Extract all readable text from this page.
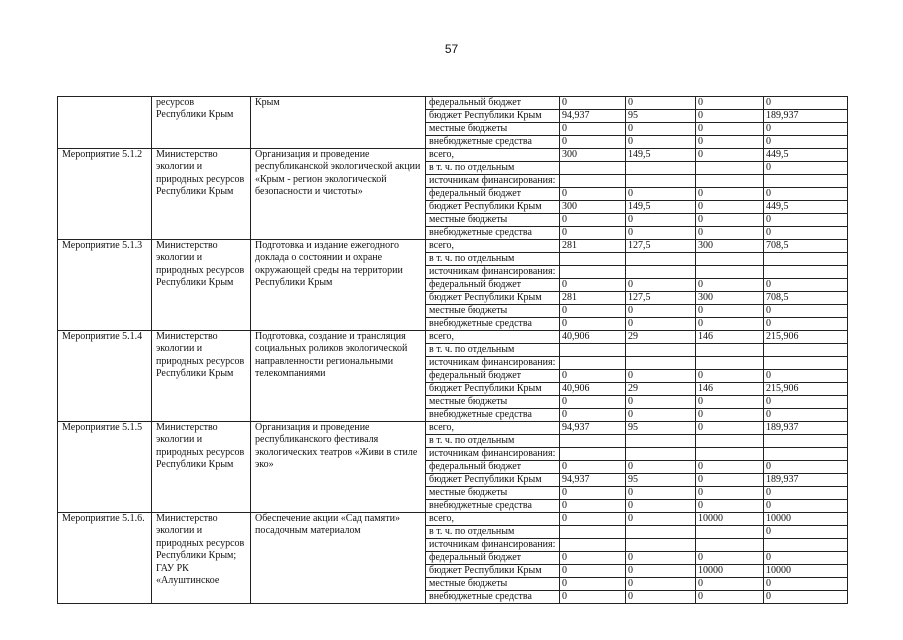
57
	ресурсов Республики Крым	Крым	федеральный бюджет	0	0	0	0
			бюджет Республики Крым	94,937	95	0	189,937
			местные бюджеты	0	0	0	0
			внебюджетные средства	0	0	0	0
Мероприятие 5.1.2	Министерство экологии и природных ресурсов Республики Крым	Организация и проведение республиканской экологической акции «Крым - регион экологической безопасности и чистоты»	всего,	300	149,5	0	449,5
			в т. ч. по отдельным				0
			источникам финансирования:				
			федеральный бюджет	0	0	0	0
			бюджет Республики Крым	300	149,5	0	449,5
			местные бюджеты	0	0	0	0
			внебюджетные средства	0	0	0	0
Мероприятие 5.1.3	Министерство экологии и природных ресурсов Республики Крым	Подготовка и издание ежегодного доклада о состоянии и охране окружающей среды на территории Республики Крым	всего,	281	127,5	300	708,5
			в т. ч. по отдельным				
			источникам финансирования:				
			федеральный бюджет	0	0	0	0
			бюджет Республики Крым	281	127,5	300	708,5
			местные бюджеты	0	0	0	0
			внебюджетные средства	0	0	0	0
Мероприятие 5.1.4	Министерство экологии и природных ресурсов Республики Крым	Подготовка, создание и трансляция социальных роликов экологической направленности региональными телекомпаниями	всего,	40,906	29	146	215,906
			в т. ч. по отдельным				
			источникам финансирования:				
			федеральный бюджет	0	0	0	0
			бюджет Республики Крым	40,906	29	146	215,906
			местные бюджеты	0	0	0	0
			внебюджетные средства	0	0	0	0
Мероприятие 5.1.5	Министерство экологии и природных ресурсов Республики Крым	Организация и проведение республиканского фестиваля экологических театров «Живи в стиле эко»	всего,	94,937	95	0	189,937
			в т. ч. по отдельным				
			источникам финансирования:				
			федеральный бюджет	0	0	0	0
			бюджет Республики Крым	94,937	95	0	189,937
			местные бюджеты	0	0	0	0
			внебюджетные средства	0	0	0	0
Мероприятие 5.1.6.	Министерство экологии и природных ресурсов Республики Крым; ГАУ РК «Алуштинское	Обеспечение акции «Сад памяти» посадочным материалом	всего,	0	0	10000	10000
			в т. ч. по отдельным				0
			источникам финансирования:				
			федеральный бюджет	0	0	0	0
			бюджет Республики Крым	0	0	10000	10000
			местные бюджеты	0	0	0	0
			внебюджетные средства	0	0	0	0
